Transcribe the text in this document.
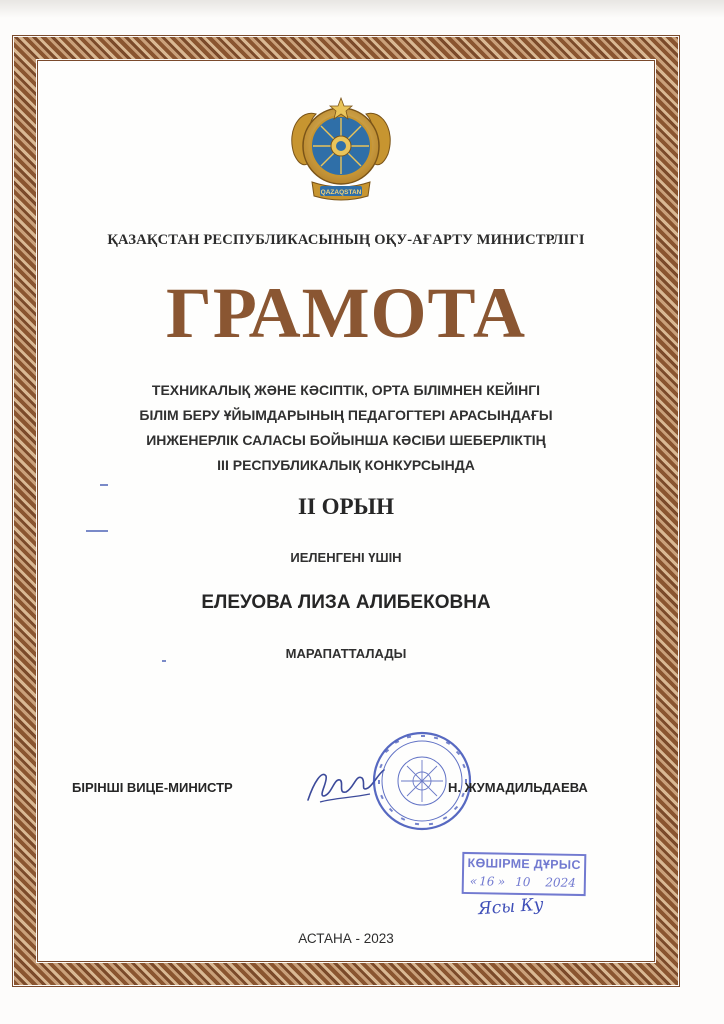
QAZAQSTAN
ҚАЗАҚСТАН РЕСПУБЛИКАСЫНЫҢ ОҚУ-АҒАРТУ МИНИСТРЛІГІ
ГРАМОТА
ТЕХНИКАЛЫҚ ЖӘНЕ КӘСІПТІК, ОРТА БІЛІМНЕН КЕЙІНГІ
БІЛІМ БЕРУ ҰЙЫМДАРЫНЫҢ ПЕДАГОГТЕРІ АРАСЫНДАҒЫ
ИНЖЕНЕРЛІК САЛАСЫ БОЙЫНША КӘСІБИ ШЕБЕРЛІКТІҢ
ІІІ РЕСПУБЛИКАЛЫҚ КОНКУРСЫНДА
ІІ ОРЫН
ИЕЛЕНГЕНІ ҮШІН
ЕЛЕУОВА ЛИЗА АЛИБЕКОВНА
МАРАПАТТАЛАДЫ
БІРІНШІ ВИЦЕ-МИНИСТР	Н. ЖУМАДИЛЬДАЕВА
КӨШІРМЕ ДҰРЫС
« 16 » 10 2024
Ясы Ку
АСТАНА - 2023
